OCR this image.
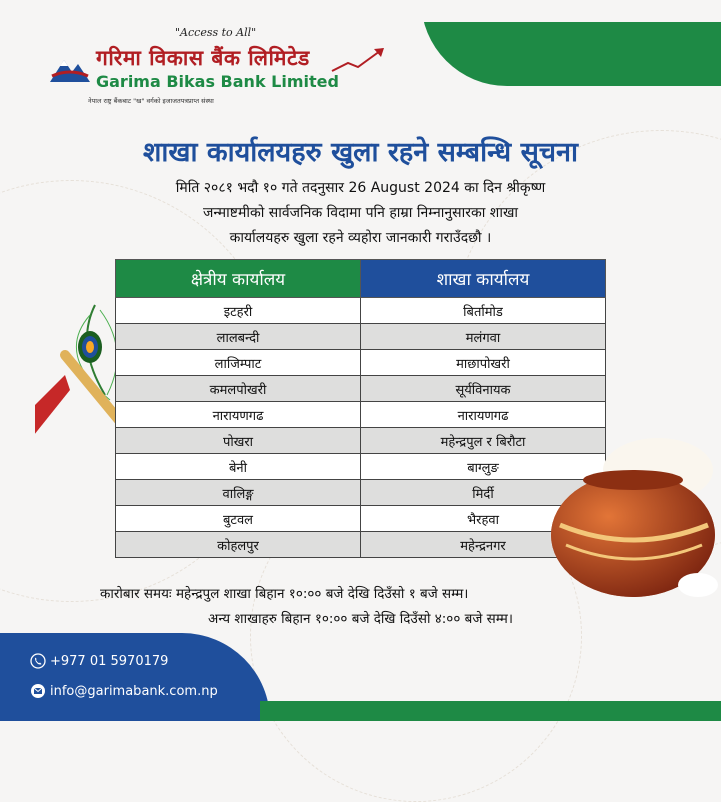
"Access to All"
गरिमा विकास बैंक लिमिटेड
Garima Bikas Bank Limited
नेपाल राष्ट्र बैंकबाट "ख" वर्गको इजाजतपत्रप्राप्त संस्था
शाखा कार्यालयहरु खुला रहने सम्बन्धि सूचना
मिति २०८१ भदौ १० गते तदनुसार 26 August 2024 का दिन श्रीकृष्ण
जन्माष्टमीको सार्वजनिक विदामा पनि हाम्रा निम्नानुसारका शाखा
कार्यालयहरु खुला रहने व्यहोरा जानकारी गराउँदछौ ।
क्षेत्रीय कार्यालय	शाखा कार्यालय
इटहरी	बिर्तामोड
लालबन्दी	मलंगवा
लाजिम्पाट	माछापोखरी
कमलपोखरी	सूर्यविनायक
नारायणगढ	नारायणगढ
पोखरा	महेन्द्रपुल र बिरौटा
बेनी	बाग्लुङ
वालिङ्ग	मिर्दी
बुटवल	भैरहवा
कोहलपुर	महेन्द्रनगर
कारोबार समयः महेन्द्रपुल शाखा बिहान १०:०० बजे देखि दिउँसो १ बजे सम्म।
अन्य शाखाहरु बिहान १०:०० बजे देखि दिउँसो ४:०० बजे सम्म।
+977 01 5970179
info@garimabank.com.np
